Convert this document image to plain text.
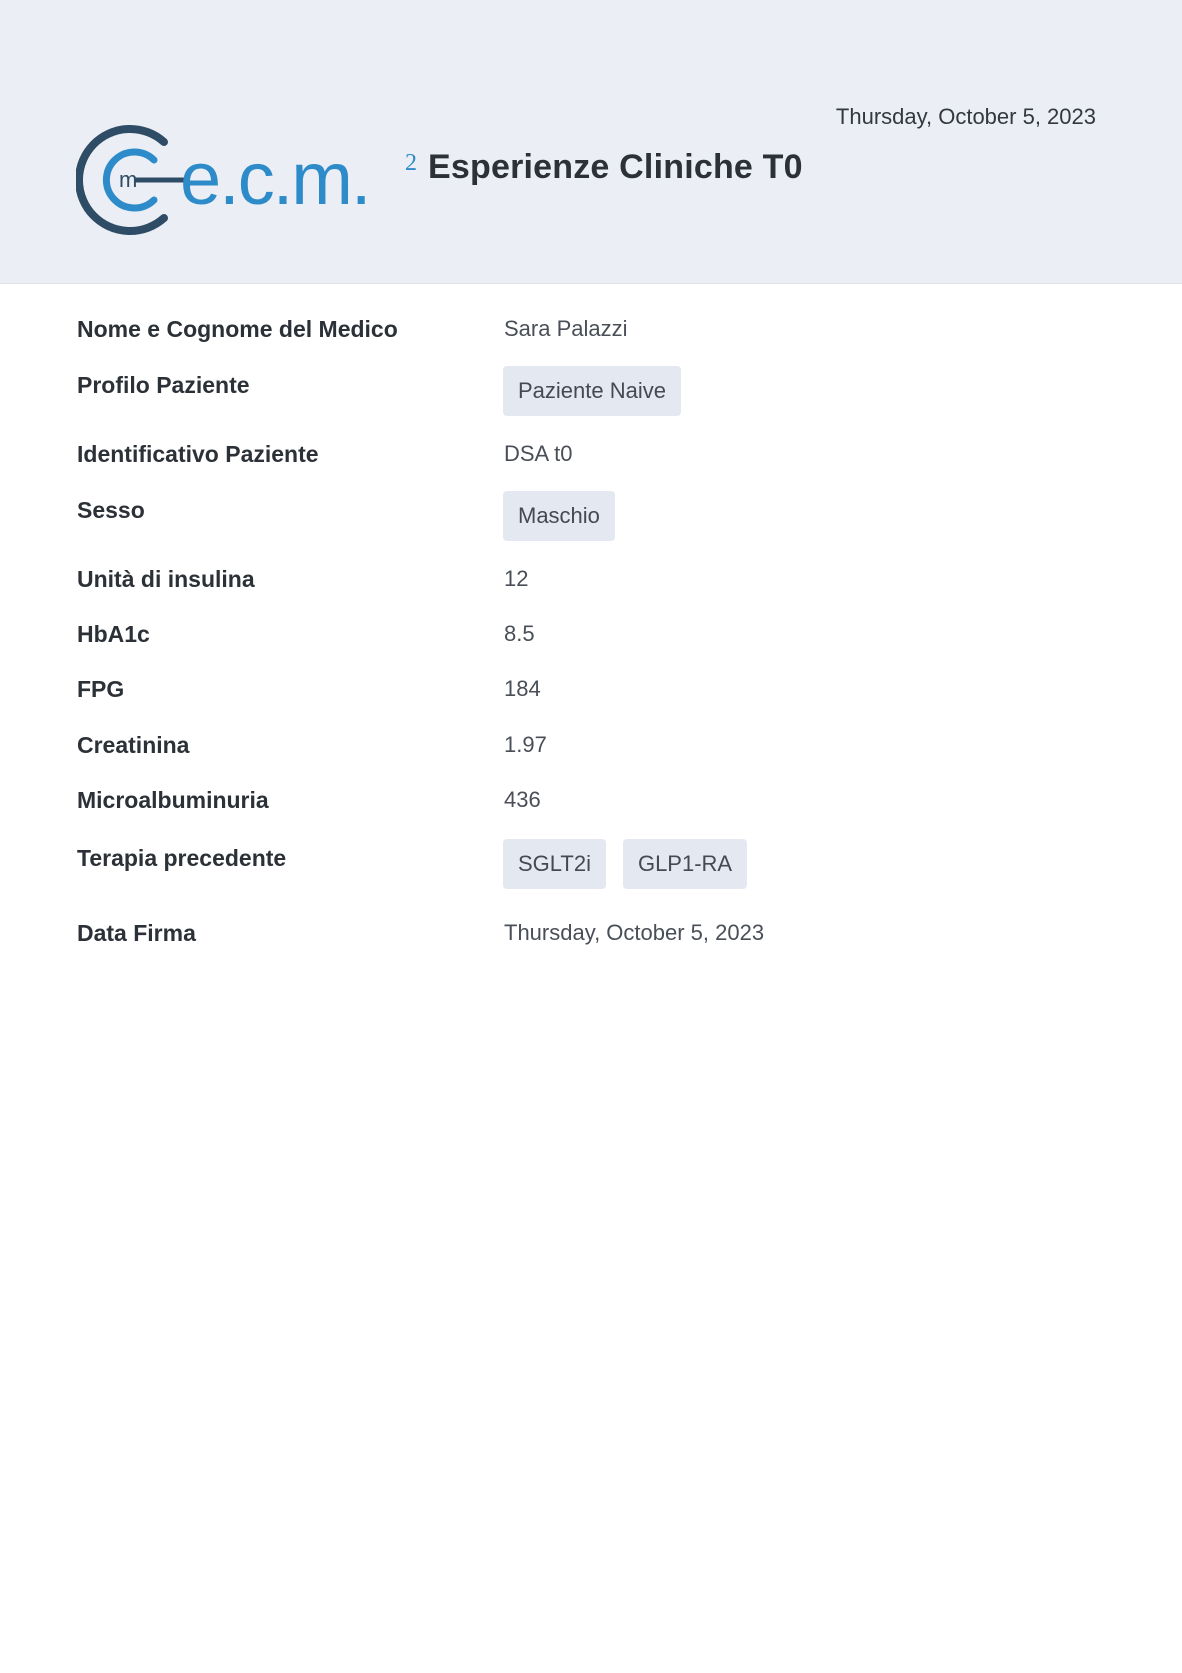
Thursday, October 5, 2023
m e.c.m. 2 Esperienze Cliniche T0
Nome e Cognome del Medico	Sara Palazzi
Profilo Paziente	Paziente Naive
Identificativo Paziente	DSA t0
Sesso	Maschio
Unità di insulina	12
HbA1c	8.5
FPG	184
Creatinina	1.97
Microalbuminuria	436
Terapia precedente	SGLT2i	GLP1-RA
Data Firma	Thursday, October 5, 2023
